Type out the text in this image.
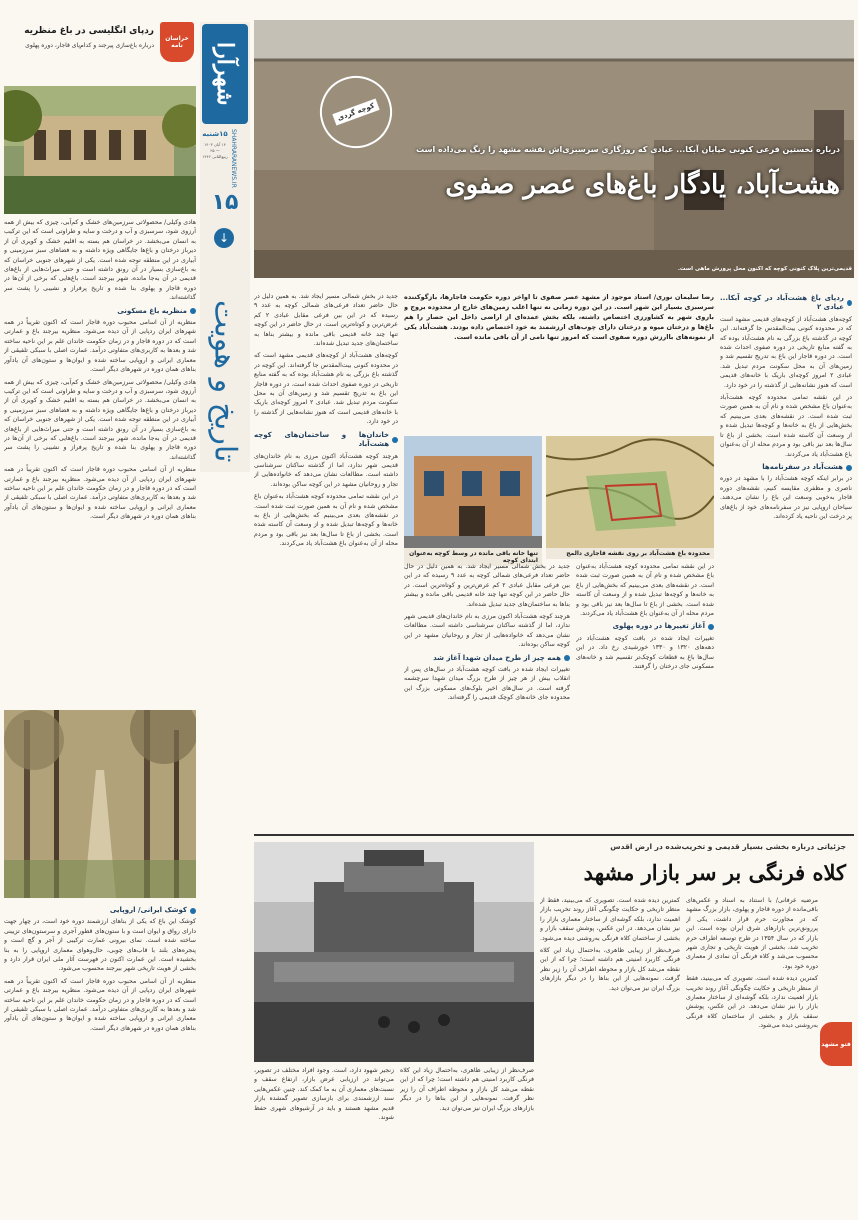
شهرآرا
SHAHRARANEWS.IR
۱۵شنبه
۱۴ آبان ۱۴۰۳ — ۲۵ ربیع‌الثانی ۱۴۴۶
۱۵
↓
تاریخ و هویت
خراسان نامه
ردپای انگلیسی در باغ منظریه
درباره باغ‌سازی پیرجند و کدام‌پای قاجار، دوره پهلوی

هادی وکیلی/ محصولاتی سرزمین‌های خشک و کم‌آبی، چیزی که بیش از همه آرزوی شود، سرسبزی و آب و درخت و سایه و طراوتی است که این ترکیب به انسان می‌بخشد. در خراسان هم بسته به اقلیم خشک و کویری آن از دیرباز درختان و باغ‌ها جایگاهی ویژه داشته و به فضاهای سبز سرزمینی و آبیاری در این منطقه توجه شده است. یکی از شهرهای جنوبی خراسان که به باغ‌سازی بسیار در آن رونق داشته است و حتی میراث‌هایی از باغ‌های قدیمی در آن به‌جا مانده، شهر بیرجند است. باغ‌هایی که برخی از آن‌ها در دوره قاجار و پهلوی بنا شده و تاریخ پرفراز و نشیبی را پشت سر گذاشته‌اند.

منظریه باغ مسکونی

منظریه از آن اسامی محبوب دوره قاجار است که اکنون تقریباً در همه شهرهای ایران ردپایی از آن دیده می‌شود. منظریه بیرجند باغ و عمارتی است که در دوره قاجار و در زمان حکومت خاندان علم بر این ناحیه ساخته شد و بعدها به کاربری‌های متفاوتی درآمد. عمارت اصلی با سبکی تلفیقی از معماری ایرانی و اروپایی ساخته شده و ایوان‌ها و ستون‌های آن یادآور بناهای همان دوره در شهرهای دیگر است.

هادی وکیلی/ محصولاتی سرزمین‌های خشک و کم‌آبی، چیزی که بیش از همه آرزوی شود، سرسبزی و آب و درخت و سایه و طراوتی است که این ترکیب به انسان می‌بخشد. در خراسان هم بسته به اقلیم خشک و کویری آن از دیرباز درختان و باغ‌ها جایگاهی ویژه داشته و به فضاهای سبز سرزمینی و آبیاری در این منطقه توجه شده است. یکی از شهرهای جنوبی خراسان که به باغ‌سازی بسیار در آن رونق داشته است و حتی میراث‌هایی از باغ‌های قدیمی در آن به‌جا مانده، شهر بیرجند است. باغ‌هایی که برخی از آن‌ها در دوره قاجار و پهلوی بنا شده و تاریخ پرفراز و نشیبی را پشت سر گذاشته‌اند.

منظریه از آن اسامی محبوب دوره قاجار است که اکنون تقریباً در همه شهرهای ایران ردپایی از آن دیده می‌شود. منظریه بیرجند باغ و عمارتی است که در دوره قاجار و در زمان حکومت خاندان علم بر این ناحیه ساخته شد و بعدها به کاربری‌های متفاوتی درآمد. عمارت اصلی با سبکی تلفیقی از معماری ایرانی و اروپایی ساخته شده و ایوان‌ها و ستون‌های آن یادآور بناهای همان دوره در شهرهای دیگر است.

کوشک ایرانی/ اروپایی

کوشک این باغ که یکی از بناهای ارزشمند دوره خود است، در چهار جهت دارای رواق و ایوان است و با ستون‌های قطور آجری و سرستون‌های تزیینی ساخته شده است. نمای بیرونی عمارت ترکیبی از آجر و گچ است و پنجره‌های بلند با قاب‌های چوبی، حال‌وهوای معماری اروپایی را به بنا بخشیده است. این عمارت اکنون در فهرست آثار ملی ایران قرار دارد و بخشی از هویت تاریخی شهر بیرجند محسوب می‌شود.

منظریه از آن اسامی محبوب دوره قاجار است که اکنون تقریباً در همه شهرهای ایران ردپایی از آن دیده می‌شود. منظریه بیرجند باغ و عمارتی است که در دوره قاجار و در زمان حکومت خاندان علم بر این ناحیه ساخته شد و بعدها به کاربری‌های متفاوتی درآمد. عمارت اصلی با سبکی تلفیقی از معماری ایرانی و اروپایی ساخته شده و ایوان‌ها و ستون‌های آن یادآور بناهای همان دوره در شهرهای دیگر است.

کوچه گردی
درباره نخستین فرعی کنونی خیابان آبکا... عیادی که روزگاری سرسبزی‌اش نقشه مشهد را رنگ می‌داده است
هشت‌آباد، یادگار باغ‌های عصر صفوی
قدیمی‌ترین پلاک کنونی کوچه که اکنون محل پرورش ماهی است.
ردپای باغ هشت‌آباد در کوچه آبکا... عیادی ۲

کوچه‌های هشت‌آباد از کوچه‌های قدیمی مشهد است که در محدوده کنونی بیت‌المقدس جا گرفته‌اند. این کوچه در گذشته باغ بزرگی به نام هشت‌آباد بوده که به گفته منابع تاریخی در دوره صفوی احداث شده است. در دوره قاجار این باغ به تدریج تقسیم شد و زمین‌های آن به محل سکونت مردم تبدیل شد. عبادی ۲ امروز کوچه‌ای باریک با خانه‌های قدیمی است که هنوز نشانه‌هایی از گذشته را در خود دارد.

در این نقشه تمامی محدوده کوچه هشت‌آباد به‌عنوان باغ مشخص شده و نام آن به همین صورت ثبت شده است. در نقشه‌های بعدی می‌بینیم که بخش‌هایی از باغ به خانه‌ها و کوچه‌ها تبدیل شده و از وسعت آن کاسته شده است. بخشی از باغ تا سال‌ها بعد نیز باقی بود و مردم محله از آن به‌عنوان باغ هشت‌آباد یاد می‌کردند.

هشت‌آباد در سفرنامه‌ها

در برابر اینکه کوچه هشت‌آباد را با مشهد در دوره ناصری و مظفری مقایسه کنیم، نقشه‌های دوره قاجار به‌خوبی وسعت این باغ را نشان می‌دهند. سیاحان اروپایی نیز در سفرنامه‌های خود از باغ‌های پر درخت این ناحیه یاد کرده‌اند.

رضا سلیمان نوری/ استاد موجود از مشهد عصر صفوی تا اواخر دوره حکومت قاجارها، بازگوکننده سرسبزی بسیار این شهر است. در این دوره زمانی نه تنها اغلب زمین‌های خارج از محدوده بروج و باروی شهر به کشاورزی اختصاص داشته، بلکه بخش عمده‌ای از اراضی داخل این حصار را هم باغ‌ها و درختان میوه و درختان دارای چوب‌های ارزشمند به خود اختصاص داده بودند. هشت‌آباد یکی از نمونه‌های باارزش دوره صفوی است که امروز تنها نامی از آن باقی مانده است.
محدوده باغ هشت‌آباد بر روی نقشه قاجاری دالمج
تنها خانه باقی مانده در وسط کوچه به‌عنوان ابتدای کوچه

در این نقشه تمامی محدوده کوچه هشت‌آباد به‌عنوان باغ مشخص شده و نام آن به همین صورت ثبت شده است. در نقشه‌های بعدی می‌بینیم که بخش‌هایی از باغ به خانه‌ها و کوچه‌ها تبدیل شده و از وسعت آن کاسته شده است. بخشی از باغ تا سال‌ها بعد نیز باقی بود و مردم محله از آن به‌عنوان باغ هشت‌آباد یاد می‌کردند.

آغاز تغییرها در دوره پهلوی

تغییرات ایجاد شده در بافت کوچه هشت‌آباد در دهه‌های ۱۳۲۰ و ۱۳۳۰ خورشیدی رخ داد. در این سال‌ها باغ به قطعات کوچک‌تر تقسیم شد و خانه‌های مسکونی جای درختان را گرفتند.

جدید در بخش شمالی مسیر ایجاد شد. به همین دلیل در حال حاضر تعداد فرعی‌های شمالی کوچه به عدد ۹ رسیده که در این بین فرعی مقابل عبادی ۲ کم عرض‌ترین و کوتاه‌ترین است. در حال حاضر در این کوچه تنها چند خانه قدیمی باقی مانده و بیشتر بناها به ساختمان‌های جدید تبدیل شده‌اند.

هرچند کوچه هشت‌آباد اکنون مرزی به نام خاندان‌های قدیمی شهر ندارد، اما از گذشته ساکنان سرشناسی داشته است. مطالعات نشان می‌دهد که خانواده‌هایی از تجار و روحانیان مشهد در این کوچه ساکن بوده‌اند.

همه چیز از طرح میدان شهدا آغاز شد

تغییرات ایجاد شده در بافت کوچه هشت‌آباد در سال‌های پس از انقلاب بیش از هر چیز از طرح بزرگ میدان شهدا سرچشمه گرفته است. در سال‌های اخیر بلوک‌های مسکونی بزرگ این محدوده جای خانه‌های کوچک قدیمی را گرفته‌اند.

جدید در بخش شمالی مسیر ایجاد شد. به همین دلیل در حال حاضر تعداد فرعی‌های شمالی کوچه به عدد ۹ رسیده که در این بین فرعی مقابل عبادی ۲ کم عرض‌ترین و کوتاه‌ترین است. در حال حاضر در این کوچه تنها چند خانه قدیمی باقی مانده و بیشتر بناها به ساختمان‌های جدید تبدیل شده‌اند.

کوچه‌های هشت‌آباد از کوچه‌های قدیمی مشهد است که در محدوده کنونی بیت‌المقدس جا گرفته‌اند. این کوچه در گذشته باغ بزرگی به نام هشت‌آباد بوده که به گفته منابع تاریخی در دوره صفوی احداث شده است. در دوره قاجار این باغ به تدریج تقسیم شد و زمین‌های آن به محل سکونت مردم تبدیل شد. عبادی ۲ امروز کوچه‌ای باریک با خانه‌های قدیمی است که هنوز نشانه‌هایی از گذشته را در خود دارد.

خاندان‌ها و ساختمان‌های کوچه هشت‌آباد

هرچند کوچه هشت‌آباد اکنون مرزی به نام خاندان‌های قدیمی شهر ندارد، اما از گذشته ساکنان سرشناسی داشته است. مطالعات نشان می‌دهد که خانواده‌هایی از تجار و روحانیان مشهد در این کوچه ساکن بوده‌اند.

در این نقشه تمامی محدوده کوچه هشت‌آباد به‌عنوان باغ مشخص شده و نام آن به همین صورت ثبت شده است. در نقشه‌های بعدی می‌بینیم که بخش‌هایی از باغ به خانه‌ها و کوچه‌ها تبدیل شده و از وسعت آن کاسته شده است. بخشی از باغ تا سال‌ها بعد نیز باقی بود و مردم محله از آن به‌عنوان باغ هشت‌آباد یاد می‌کردند.

فتو مشهد
جزئیاتی درباره بخشی بسیار قدیمی و تخریب‌شده در ارض اقدس
کلاه فرنگی بر سر بازار مشهد

مرضیه عرفانی/ با استناد به اسناد و عکس‌های باقی‌مانده از دوره قاجار و پهلوی، بازار بزرگ مشهد که در مجاورت حرم قرار داشت، یکی از پررونق‌ترین بازارهای شرق ایران بوده است. این بازار که در سال ۱۳۵۴ در طرح توسعه اطراف حرم تخریب شد، بخشی از هویت تاریخی و تجاری شهر محسوب می‌شد و کلاه فرنگی آن نمادی از معماری دوره خود بود.

کمترین دیده شده است. تصویری که می‌بینید، فقط از منظر تاریخی و حکایت چگونگی آغاز روند تخریب بازار اهمیت ندارد، بلکه گوشه‌ای از ساختار معماری بازار را نیز نشان می‌دهد. در این عکس، پوشش سقف بازار و بخشی از ساختمان کلاه فرنگی به‌روشنی دیده می‌شود.

کمترین دیده شده است. تصویری که می‌بینید، فقط از منظر تاریخی و حکایت چگونگی آغاز روند تخریب بازار اهمیت ندارد، بلکه گوشه‌ای از ساختار معماری بازار را نیز نشان می‌دهد. در این عکس، پوشش سقف بازار و بخشی از ساختمان کلاه فرنگی به‌روشنی دیده می‌شود.

صرف‌نظر از زیبایی ظاهری، به‌احتمال زیاد این کلاه فرنگی کاربرد امنیتی هم داشته است؛ چرا که از این نقطه می‌شد کل بازار و محوطه اطراف آن را زیر نظر گرفت. نمونه‌هایی از این بناها را در دیگر بازارهای بزرگ ایران نیز می‌توان دید.

صرف‌نظر از زیبایی ظاهری، به‌احتمال زیاد این کلاه فرنگی کاربرد امنیتی هم داشته است؛ چرا که از این نقطه می‌شد کل بازار و محوطه اطراف آن را زیر نظر گرفت. نمونه‌هایی از این بناها را در دیگر بازارهای بزرگ ایران نیز می‌توان دید.

زنجیر شهود دارد، است. وجود افراد مختلف در تصویر، می‌تواند در ارزیابی عرض بازار، ارتفاع سقف و نسبت‌های معماری آن به ما کمک کند. چنین عکس‌هایی سند ارزشمندی برای بازسازی تصویر گمشده بازار قدیم مشهد هستند و باید در آرشیوهای شهری حفظ شوند.
